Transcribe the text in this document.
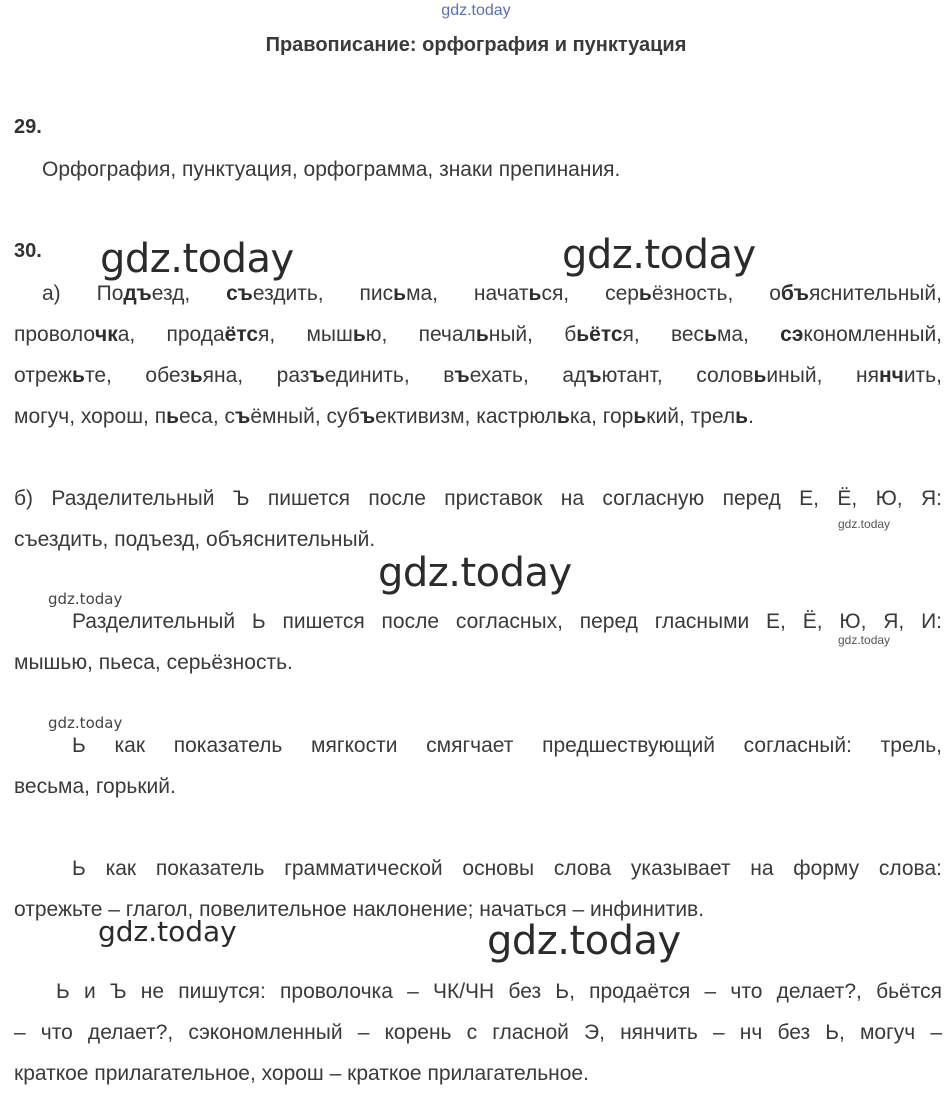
gdz.today
Правописание: орфография и пунктуация
29.
Орфография, пунктуация, орфограмма, знаки препинания.
30. gdz.today	gdz.today
а) Подъезд, съездить, письма, начаться, серьёзность, объяснительный,
проволочка, продаётся, мышью, печальный, бьётся, весьма, сэкономленный,
отрежьте, обезьяна, разъединить, въехать, адъютант, соловьиный, нянчить,
могуч, хорош, пьеса, съёмный, субъективизм, кастрюлька, горький, трель.
б) Разделительный Ъ пишется после приставок на согласную перед Е, Ё, Ю, Я:
gdz.today
съездить, подъезд, объяснительный.
gdz.today
gdz.today
Разделительный Ь пишется после согласных, перед гласными Е, Ё, Ю, Я, И:
gdz.today
мышью, пьеса, серьёзность.
gdz.today
Ь как показатель мягкости смягчает предшествующий согласный: трель,
весьма, горький.
Ь как показатель грамматической основы слова указывает на форму слова:
отрежьте – глагол, повелительное наклонение; начаться – инфинитив.
gdz.today	gdz.today
Ь и Ъ не пишутся: проволочка – ЧК/ЧН без Ь, продаётся – что делает?, бьётся
– что делает?, сэкономленный – корень с гласной Э, нянчить – нч без Ь, могуч –
краткое прилагательное, хорош – краткое прилагательное.
